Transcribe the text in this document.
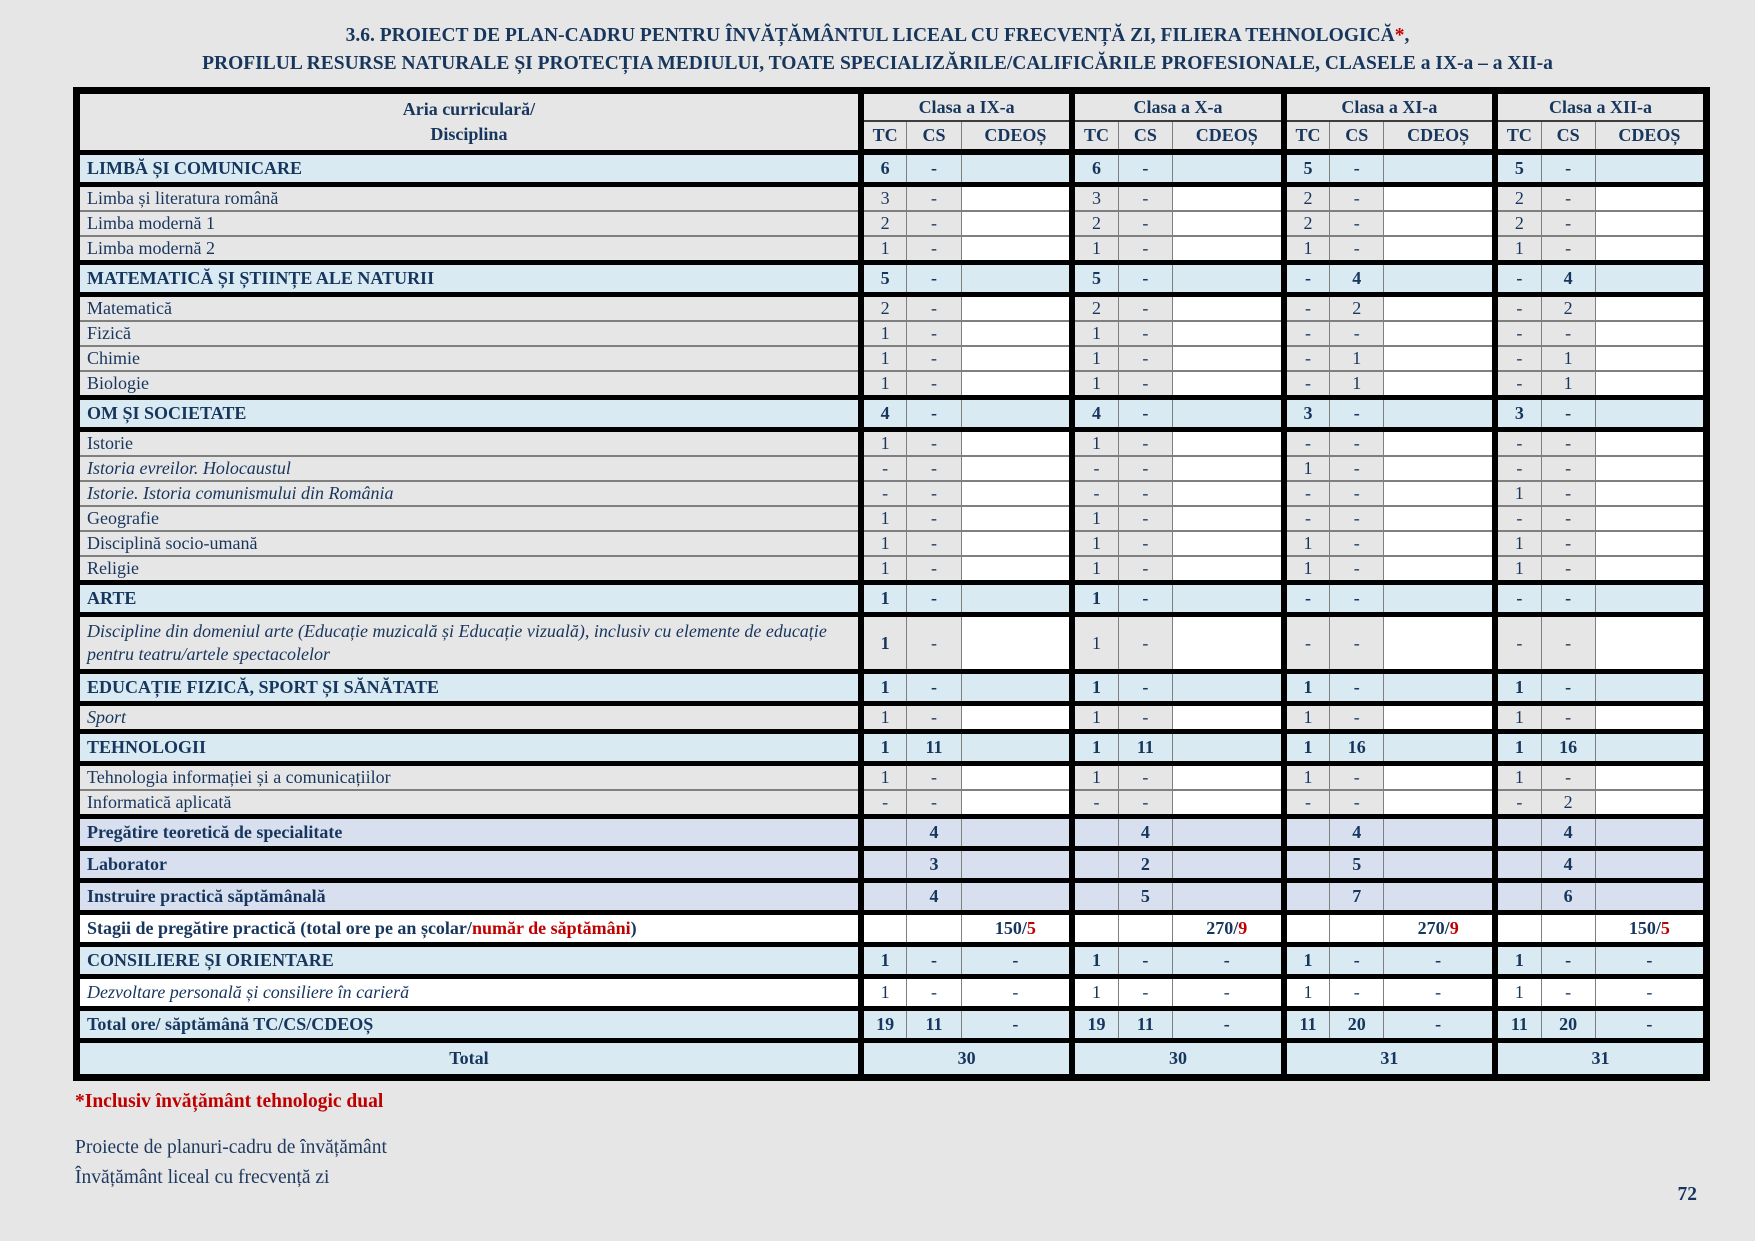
3.6. PROIECT DE PLAN-CADRU PENTRU ÎNVĂȚĂMÂNTUL LICEAL CU FRECVENȚĂ ZI, FILIERA TEHNOLOGICĂ*,
PROFILUL RESURSE NATURALE ȘI PROTECȚIA MEDIULUI, TOATE SPECIALIZĂRILE/CALIFICĂRILE PROFESIONALE, CLASELE a IX-a – a XII-a
Aria curriculară/
Disciplina	Clasa a IX-a			Clasa a X-a			Clasa a XI-a			Clasa a XII-a		
	TC	CS	CDEOȘ	TC	CS	CDEOȘ	TC	CS	CDEOȘ	TC	CS	CDEOȘ
LIMBĂ ȘI COMUNICARE	6	-		6	-		5	-		5	-	
Limba și literatura română	3	-		3	-		2	-		2	-	
Limba modernă 1	2	-		2	-		2	-		2	-	
Limba modernă 2	1	-		1	-		1	-		1	-	
MATEMATICĂ ȘI ȘTIINȚE ALE NATURII	5	-		5	-		-	4		-	4	
Matematică	2	-		2	-		-	2		-	2	
Fizică	1	-		1	-		-	-		-	-	
Chimie	1	-		1	-		-	1		-	1	
Biologie	1	-		1	-		-	1		-	1	
OM ȘI SOCIETATE	4	-		4	-		3	-		3	-	
Istorie	1	-		1	-		-	-		-	-	
Istoria evreilor. Holocaustul	-	-		-	-		1	-		-	-	
Istorie. Istoria comunismului din România	-	-		-	-		-	-		1	-	
Geografie	1	-		1	-		-	-		-	-	
Disciplină socio-umană	1	-		1	-		1	-		1	-	
Religie	1	-		1	-		1	-		1	-	
ARTE	1	-		1	-		-	-		-	-	
Discipline din domeniul arte (Educație muzicală și Educație vizuală), inclusiv cu elemente de educație pentru teatru/artele spectacolelor	1	-		1	-		-	-		-	-	
EDUCAȚIE FIZICĂ, SPORT ȘI SĂNĂTATE	1	-		1	-		1	-		1	-	
Sport	1	-		1	-		1	-		1	-	
TEHNOLOGII	1	11		1	11		1	16		1	16	
Tehnologia informației și a comunicațiilor	1	-		1	-		1	-		1	-	
Informatică aplicată	-	-		-	-		-	-		-	2	
Pregătire teoretică de specialitate		4			4			4			4	
Laborator		3			2			5			4	
Instruire practică săptămânală		4			5			7			6	
Stagii de pregătire practică (total ore pe an școlar/număr de săptămâni)			150/5			270/9			270/9			150/5
CONSILIERE ȘI ORIENTARE	1	-	-	1	-	-	1	-	-	1	-	-
Dezvoltare personală și consiliere în carieră	1	-	-	1	-	-	1	-	-	1	-	-
Total ore/ săptămână TC/CS/CDEOȘ	19	11	-	19	11	-	11	20	-	11	20	-
Total	30			30			31			31		
*Inclusiv învățământ tehnologic dual
Proiecte de planuri-cadru de învățământ
Învățământ liceal cu frecvență zi
72
